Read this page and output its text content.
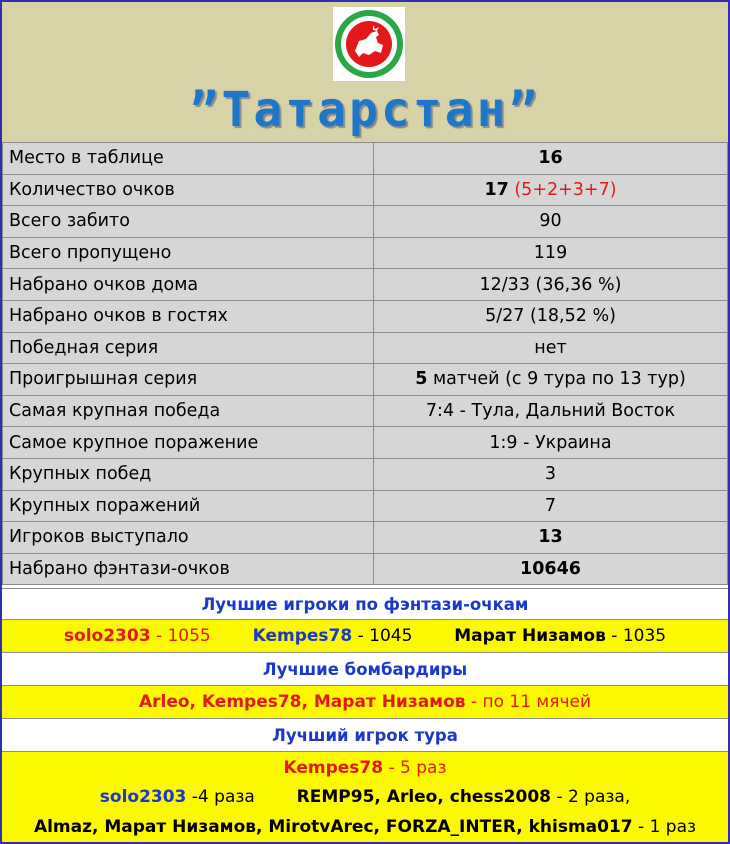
”Татарстан”
Место в таблице	16
Количество очков	17 (5+2+3+7)
Всего забито	90
Всего пропущено	119
Набрано очков дома	12/33 (36,36 %)
Набрано очков в гостях	5/27 (18,52 %)
Победная серия	нет
Проигрышная серия	5 матчей (с 9 тура по 13 тур)
Самая крупная победа	7:4 - Тула, Дальний Восток
Самое крупное поражение	1:9 - Украина
Крупных побед	3
Крупных поражений	7
Игроков выступало	13
Набрано фэнтази-очков	10646
Лучшие игроки по фэнтази-очкам
solo2303 - 1055 Kempes78 - 1045 Марат Низамов - 1035
Лучшие бомбардиры
Arleo, Kempes78, Марат Низамов - по 11 мячей
Лучший игрок тура
Kempes78 - 5 раз
solo2303 -4 раза REMP95, Arleo, chess2008 - 2 раза,
Almaz, Марат Низамов, MirotvArec, FORZA_INTER, khisma017 - 1 раз
